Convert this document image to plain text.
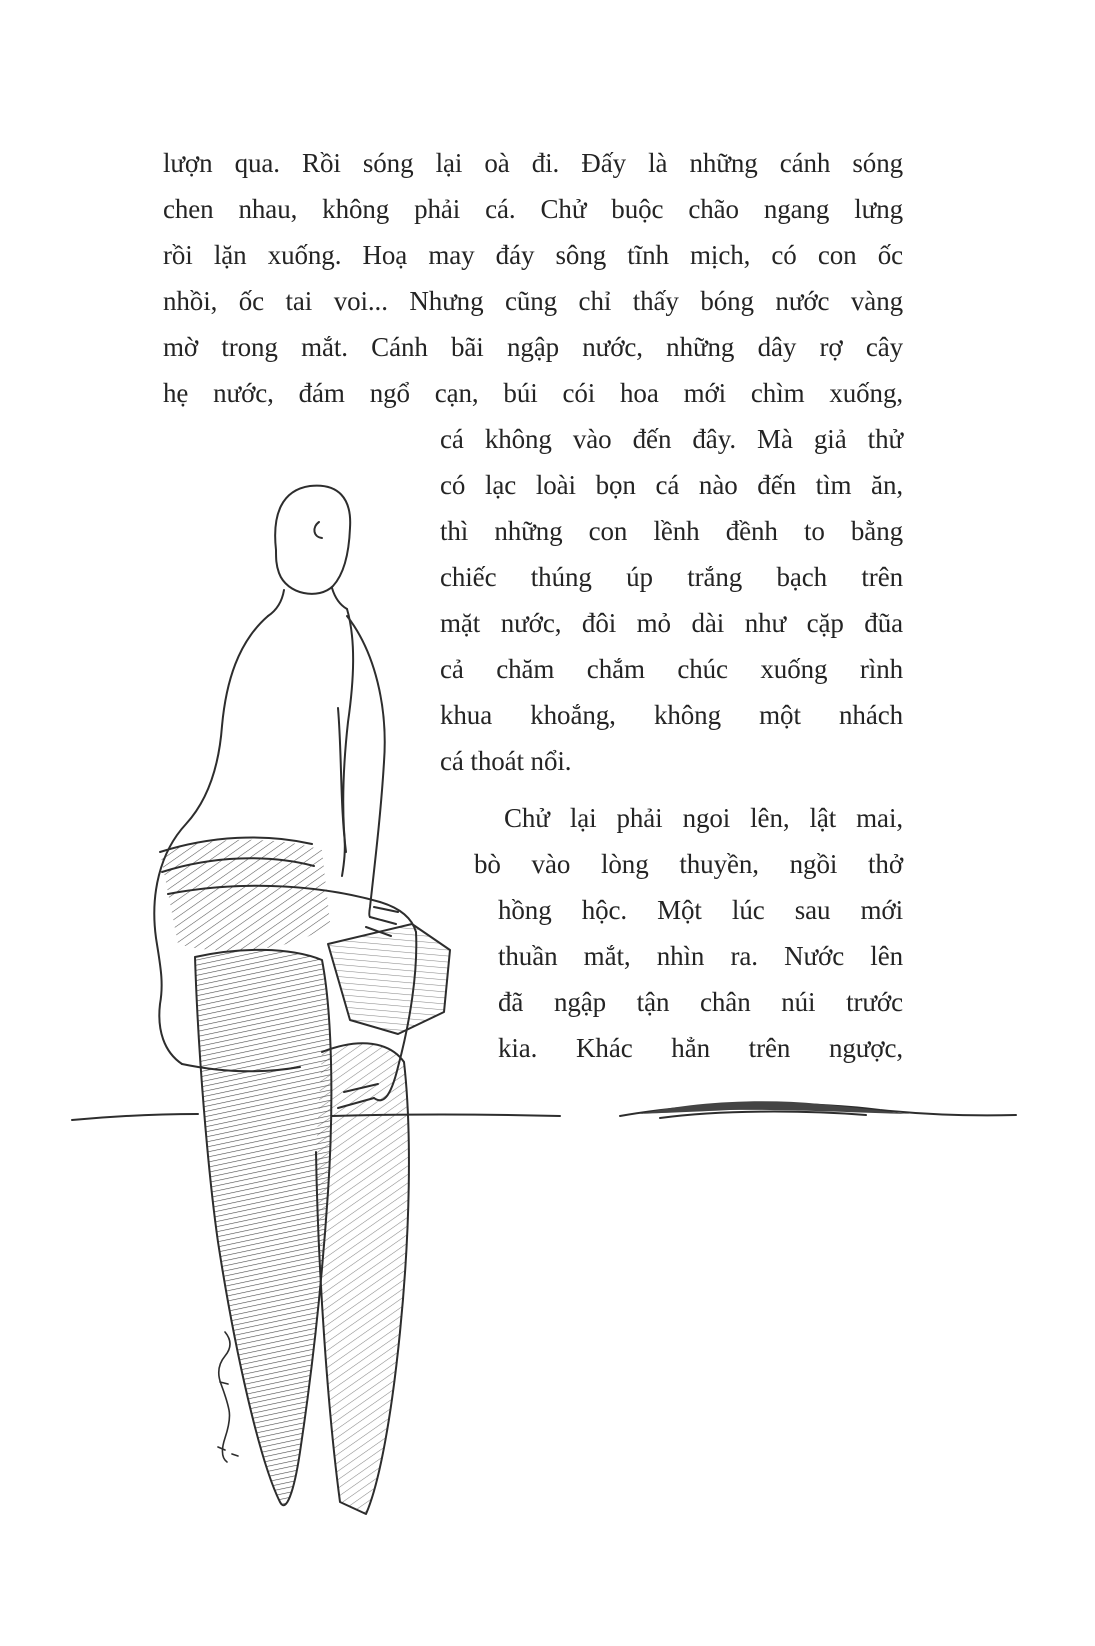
lượn qua. Rồi sóng lại oà đi. Đấy là những cánh sóng
chen nhau, không phải cá. Chử buộc chão ngang lưng
rồi lặn xuống. Hoạ may đáy sông tĩnh mịch, có con ốc
nhồi, ốc tai voi... Nhưng cũng chỉ thấy bóng nước vàng
mờ trong mắt. Cánh bãi ngập nước, những dây rợ cây
hẹ nước, đám ngổ cạn, búi cói hoa mới chìm xuống,
cá không vào đến đây. Mà giả thử
có lạc loài bọn cá nào đến tìm ăn,
thì những con lềnh đềnh to bằng
chiếc thúng úp trắng bạch trên
mặt nước, đôi mỏ dài như cặp đũa
cả chăm chắm chúc xuống rình
khua khoắng, không một nhách
cá thoát nổi.
Chử lại phải ngoi lên, lật mai,
bò vào lòng thuyền, ngồi thở
hồng hộc. Một lúc sau mới
thuần mắt, nhìn ra. Nước lên
đã ngập tận chân núi trước
kia. Khác hẳn trên ngược,
